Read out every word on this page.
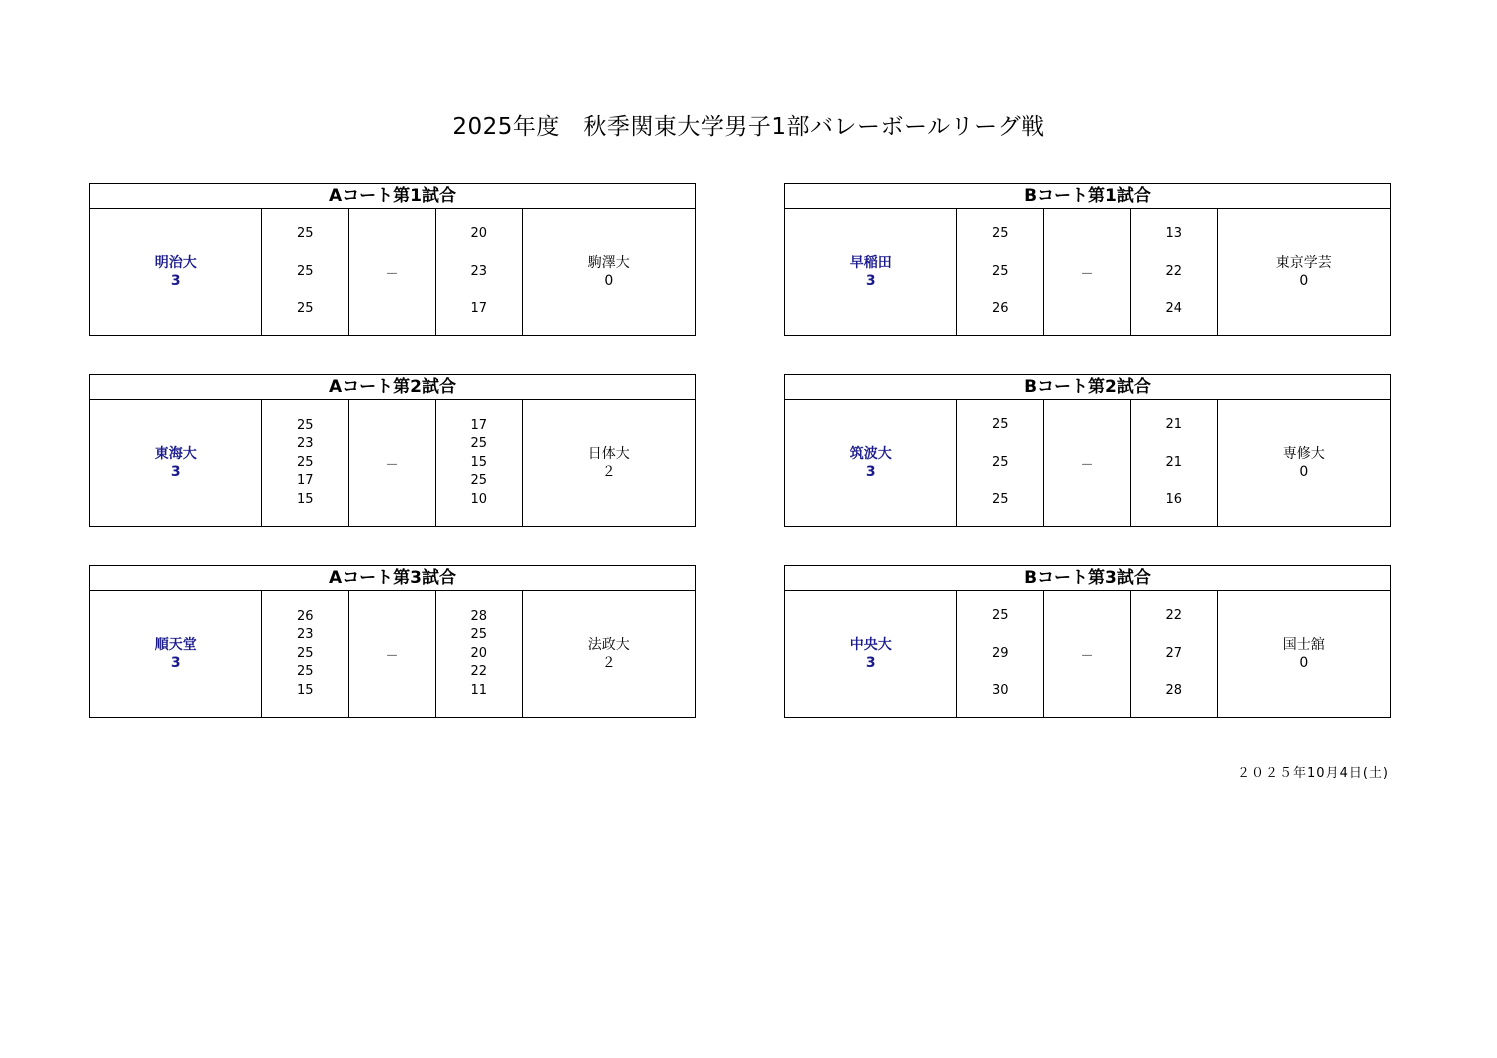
2025年度　秋季関東大学男子1部バレーボールリーグ戦
Aコート第1試合
明治大
3
25
25
25
－
20
23
17
駒澤大
0
Bコート第1試合
早稲田
3
25
25
26
－
13
22
24
東京学芸
0
Aコート第2試合
東海大
3
25
23
25
17
15
－
17
25
15
25
10
日体大
２
Bコート第2試合
筑波大
3
25
25
25
－
21
21
16
専修大
0
Aコート第3試合
順天堂
3
26
23
25
25
15
－
28
25
20
22
11
法政大
２
Bコート第3試合
中央大
3
25
29
30
－
22
27
28
国士舘
0
２０２５年10月4日(土)
